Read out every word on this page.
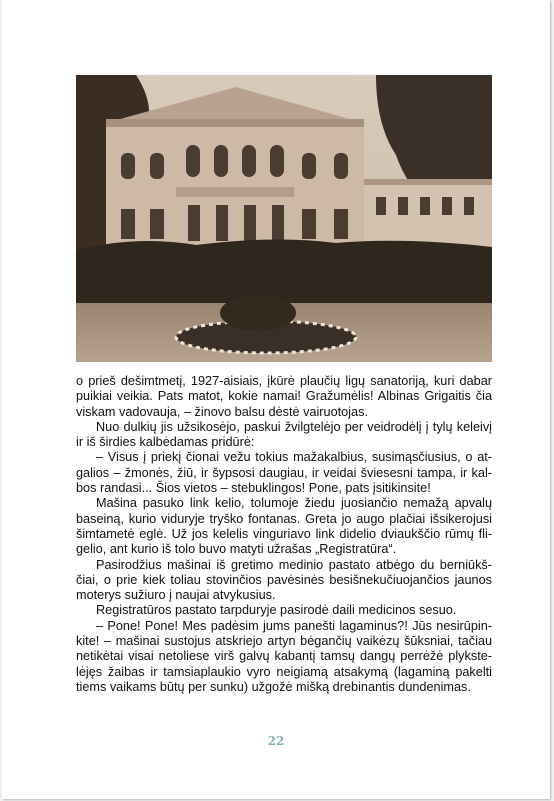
o prieš dešimtmetį, 1927-aisiais, įkūrė plaučių ligų sanatoriją, kuri dabar
puikiai veikia. Pats matot, kokie namai! Gražumėlis! Albinas Grigaitis čia
viskam vadovauja, – žinovo balsu dėstė vairuotojas.

Nuo dulkių jis užsikosėjo, paskui žvilgtelėjo per veidrodėlį į tylų keleivį
ir iš širdies kalbėdamas pridūrė:

– Visus į priekį čionai vežu tokius mažakalbius, susimąsčiusius, o at-
galios – žmonės, žiū, ir šypsosi daugiau, ir veidai šviesesni tampa, ir kal-
bos randasi... Šios vietos – stebuklingos! Pone, pats įsitikinsite!

Mašina pasuko link kelio, tolumoje žiedu juosiančio nemažą apvalų
baseiną, kurio viduryje tryško fontanas. Greta jo augo plačiai išsikerojusi
šimtametė eglė. Už jos kelelis vinguriavo link didelio dviaukščio rūmų fli-
gelio, ant kurio iš tolo buvo matyti užrašas „Registratūra“.

Pasirodžius mašinai iš gretimo medinio pastato atbėgo du berniūkš-
čiai, o prie kiek toliau stovinčios pavėsinės besišnekučiuojančios jaunos
moterys sužiuro į naujai atvykusius.

Registratūros pastato tarpduryje pasirodė daili medicinos sesuo.

– Pone! Pone! Mes padėsim jums panešti lagaminus?! Jūs nesirūpin-
kite! – mašinai sustojus atskriejo artyn bėgančių vaikėzų šūksniai, tačiau
netikėtai visai netoliese virš galvų kabantį tamsų dangų perrėžė plykste-
lėjęs žaibas ir tamsiaplaukio vyro neigiamą atsakymą (lagaminą pakelti
tiems vaikams būtų per sunku) užgožė mišką drebinantis dundenimas.

22
